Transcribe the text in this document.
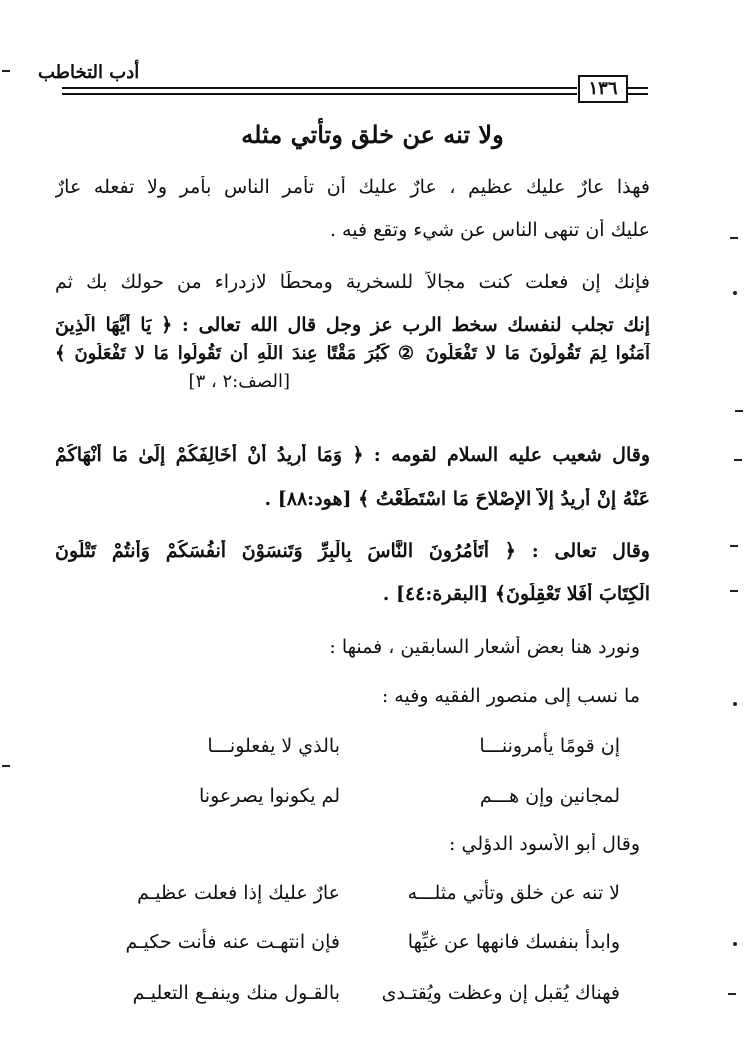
أدب التخاطب
١٣٦
ولا تنه عن خلق وتأتي مثله
فهذا عارٌ عليك عظيم ، عارٌ عليك أن تأمر الناس بأمر ولا تفعله عارٌ
عليك أن تنهى الناس عن شيء وتقع فيه .
فإنك إن فعلت كنت مجالاً للسخرية ومحطًا لازدراء من حولك بك ثم
إنك تجلب لنفسك سخط الرب عز وجل قال الله تعالى : ﴿ يَا أَيُّهَا الَّذِينَ
آمَنُوا لِمَ تَقُولُونَ مَا لا تَفْعَلُونَ ② كَبُرَ مَقْتًا عِندَ اللَّهِ أَن تَقُولُوا مَا لا تَفْعَلُونَ ﴾
[الصف:٢ ، ٣]
وقال شعيب عليه السلام لقومه : ﴿ وَمَا أُرِيدُ أَنْ أُخَالِفَكُمْ إِلَىٰ مَا أَنْهَاكُمْ
عَنْهُ إِنْ أُرِيدُ إِلاَّ الإِصْلاحَ مَا اسْتَطَعْتُ ﴾ [هود:٨٨] .
وقال تعالى : ﴿ أَتَأْمُرُونَ النَّاسَ بِالْبِرِّ وَتَنسَوْنَ أَنفُسَكُمْ وَأَنتُمْ تَتْلُونَ
الْكِتَابَ أَفَلا تَعْقِلُونَ﴾ [البقرة:٤٤] .
ونورد هنا بعض أشعار السابقين ، فمنها :
ما نسب إلى منصور الفقيه وفيه :
إن قومًا يأمروننـــا
بالذي لا يفعلونـــا
لمجانين وإن هـــم
لم يكونوا يصرعونا
وقال أبو الأسود الدؤلي :
لا تنه عن خلق وتأتي مثلـــه
عارٌ عليك إذا فعلت عظيـم
وابدأ بنفسك فانهها عن غيِّها
فإن انتهـت عنه فأنت حكيـم
فهناك يُقبل إن وعظت ويُقتـدى
بالقـول منك وينفـع التعليـم
